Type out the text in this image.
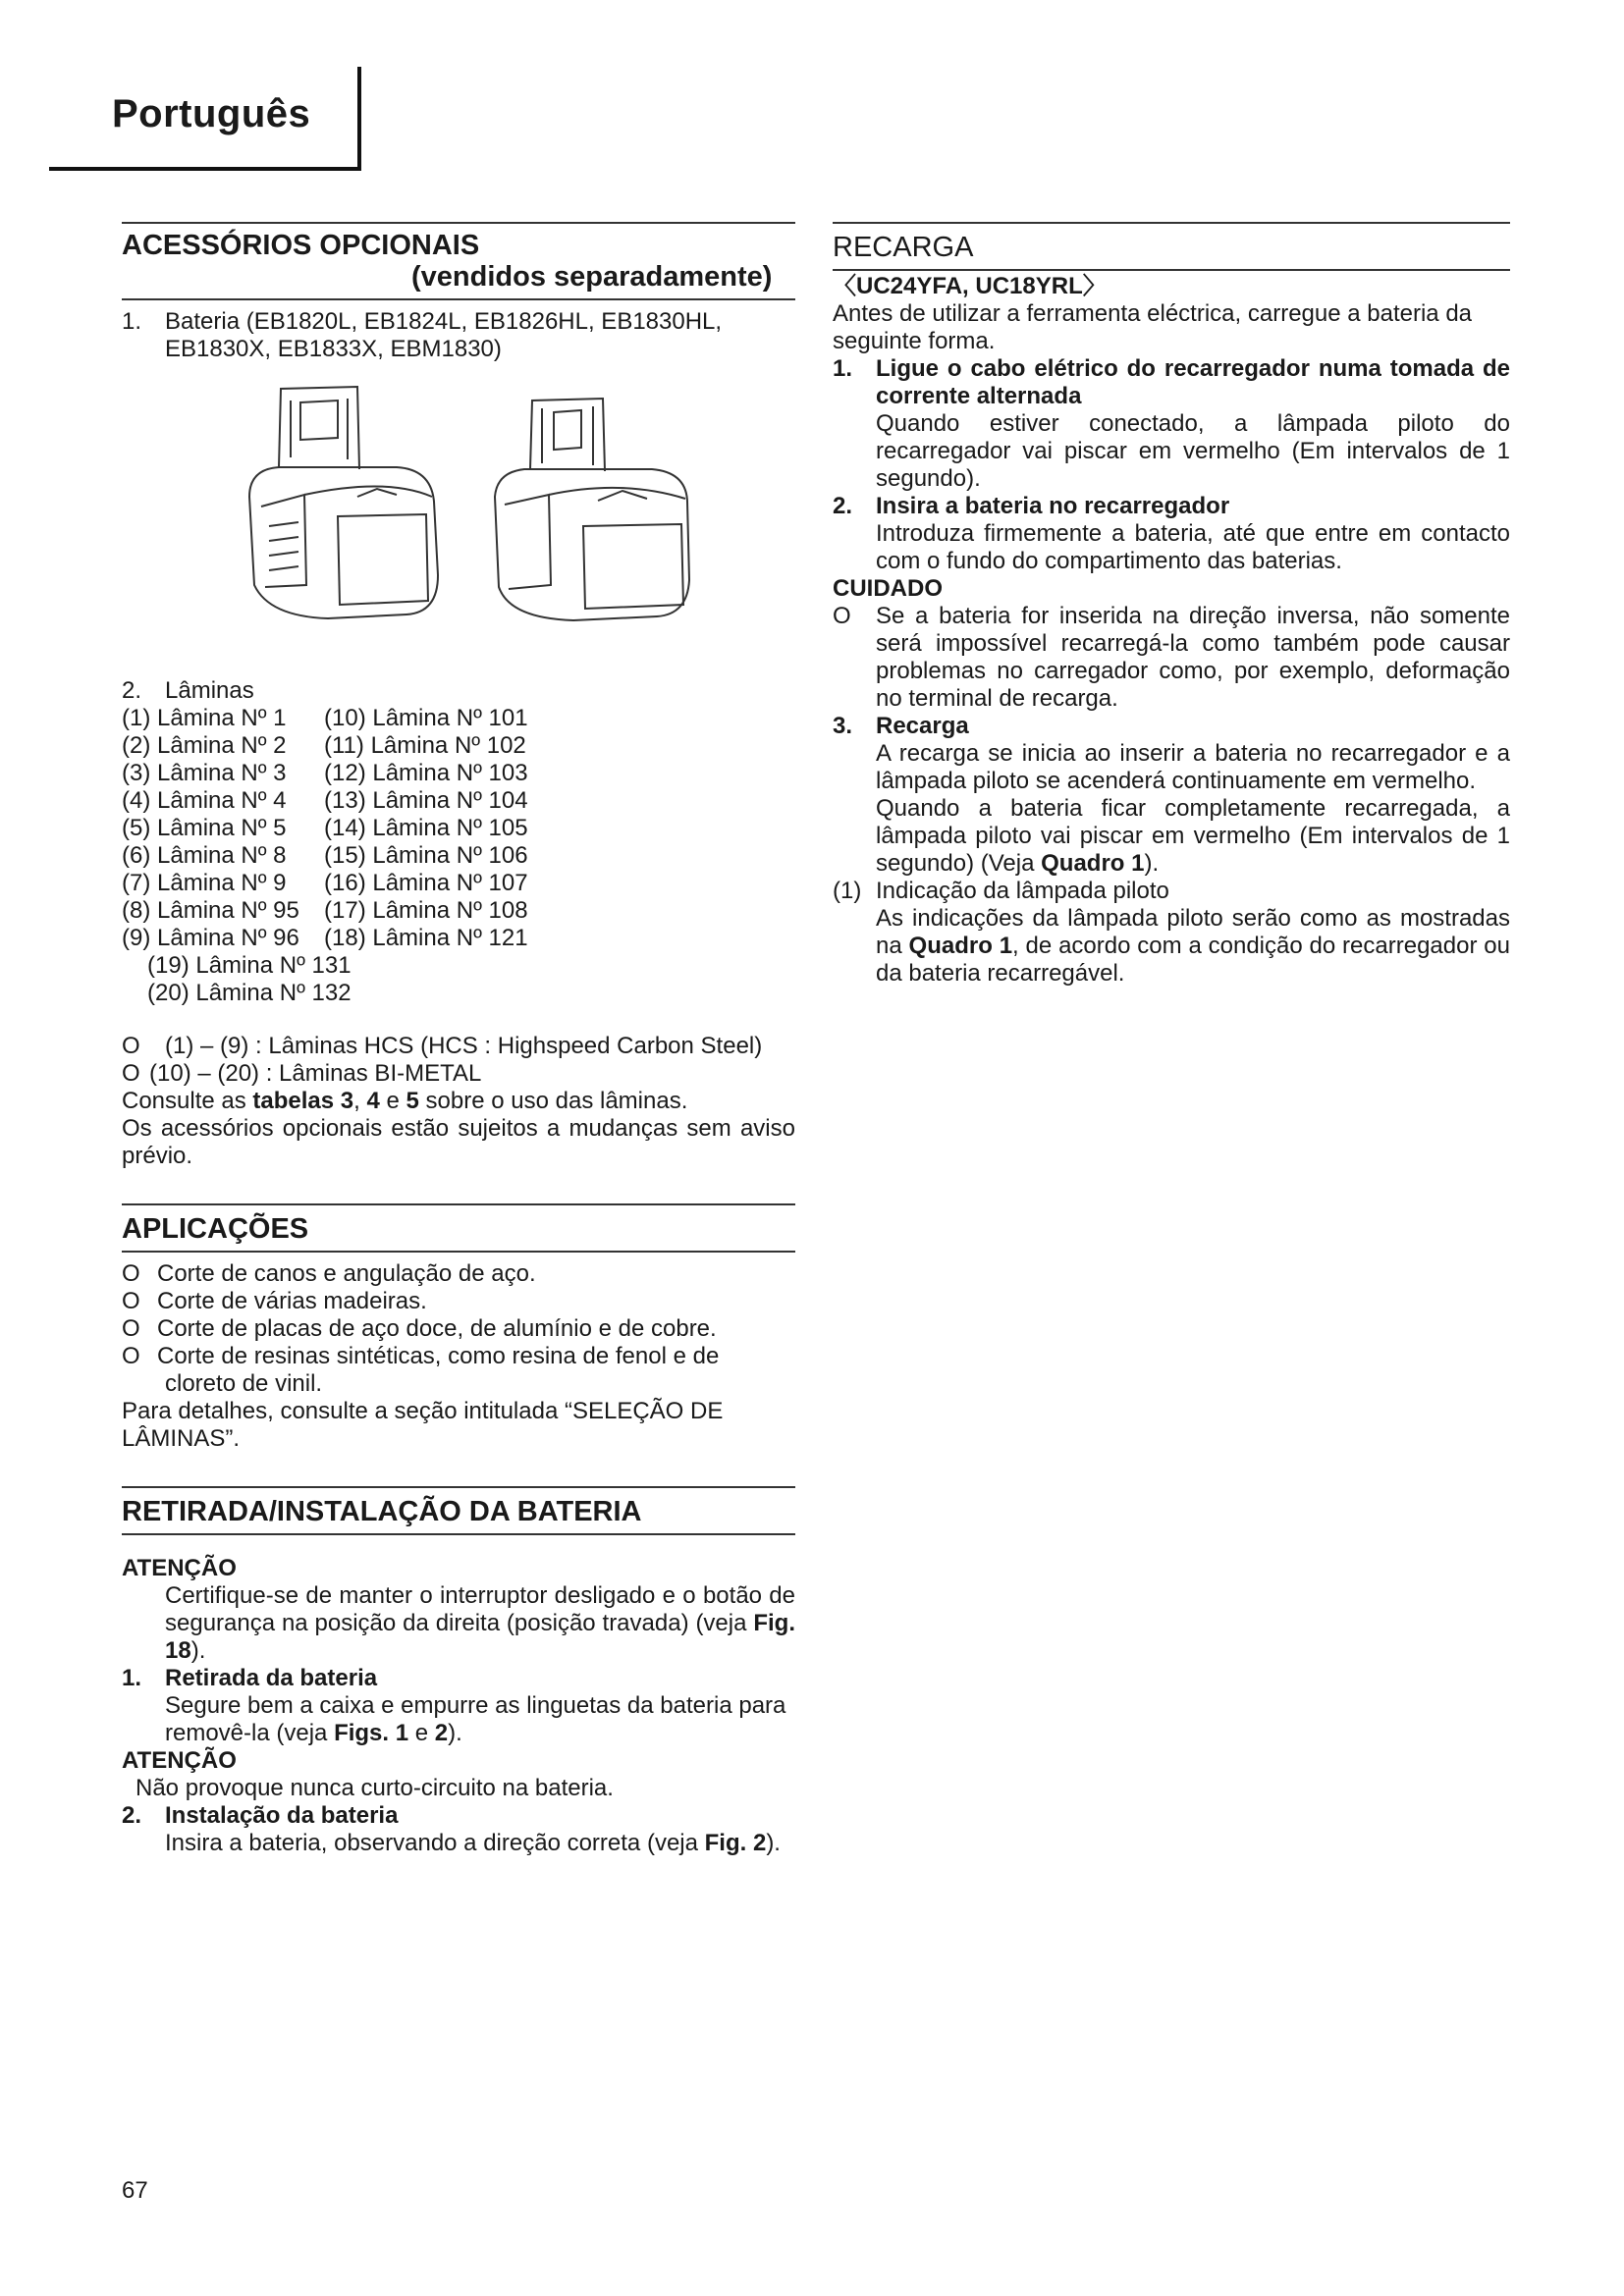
Português
ACESSÓRIOS OPCIONAIS
(vendidos separadamente)

1. Bateria (EB1820L, EB1824L, EB1826HL, EB1830HL, EB1830X, EB1833X, EBM1830)

2. Lâminas

(1) Lâmina Nº 1	(10) Lâmina Nº 101
(2) Lâmina Nº 2	(11) Lâmina Nº 102
(3) Lâmina Nº 3	(12) Lâmina Nº 103
(4) Lâmina Nº 4	(13) Lâmina Nº 104
(5) Lâmina Nº 5	(14) Lâmina Nº 105
(6) Lâmina Nº 8	(15) Lâmina Nº 106
(7) Lâmina Nº 9	(16) Lâmina Nº 107
(8) Lâmina Nº 95	(17) Lâmina Nº 108
(9) Lâmina Nº 96	(18) Lâmina Nº 121
(19) Lâmina Nº 131
(20) Lâmina Nº 132

O (1) – (9) : Lâminas HCS (HCS : Highspeed Carbon Steel)

O (10) – (20) : Lâminas BI-METAL

Consulte as tabelas 3, 4 e 5 sobre o uso das lâminas.

Os acessórios opcionais estão sujeitos a mudanças sem aviso prévio.

APLICAÇÕES

O Corte de canos e angulação de aço.

O Corte de várias madeiras.

O Corte de placas de aço doce, de alumínio e de cobre.

O Corte de resinas sintéticas, como resina de fenol e de cloreto de vinil.

Para detalhes, consulte a seção intitulada “SELEÇÃO DE LÂMINAS”.

RETIRADA/INSTALAÇÃO DA BATERIA

ATENÇÃO

Certifique-se de manter o interruptor desligado e o botão de segurança na posição da direita (posição travada) (veja Fig. 18).

1. Retirada da bateria

Segure bem a caixa e empurre as linguetas da bateria para removê-la (veja Figs. 1 e 2).

ATENÇÃO

Não provoque nunca curto-circuito na bateria.

2. Instalação da bateria

Insira a bateria, observando a direção correta (veja Fig. 2).

RECARGA

〈UC24YFA, UC18YRL〉

Antes de utilizar a ferramenta eléctrica, carregue a bateria da seguinte forma.

1. Ligue o cabo elétrico do recarregador numa tomada de corrente alternada

Quando estiver conectado, a lâmpada piloto do recarregador vai piscar em vermelho (Em intervalos de 1 segundo).

2. Insira a bateria no recarregador

Introduza firmemente a bateria, até que entre em contacto com o fundo do compartimento das baterias.

CUIDADO

O Se a bateria for inserida na direção inversa, não somente será impossível recarregá-la como também pode causar problemas no carregador como, por exemplo, deformação no terminal de recarga.

3. Recarga

A recarga se inicia ao inserir a bateria no recarregador e a lâmpada piloto se acenderá continuamente em vermelho.

Quando a bateria ficar completamente recarregada, a lâmpada piloto vai piscar em vermelho (Em intervalos de 1 segundo) (Veja Quadro 1).

(1) Indicação da lâmpada piloto

As indicações da lâmpada piloto serão como as mostradas na Quadro 1, de acordo com a condição do recarregador ou da bateria recarregável.

67
